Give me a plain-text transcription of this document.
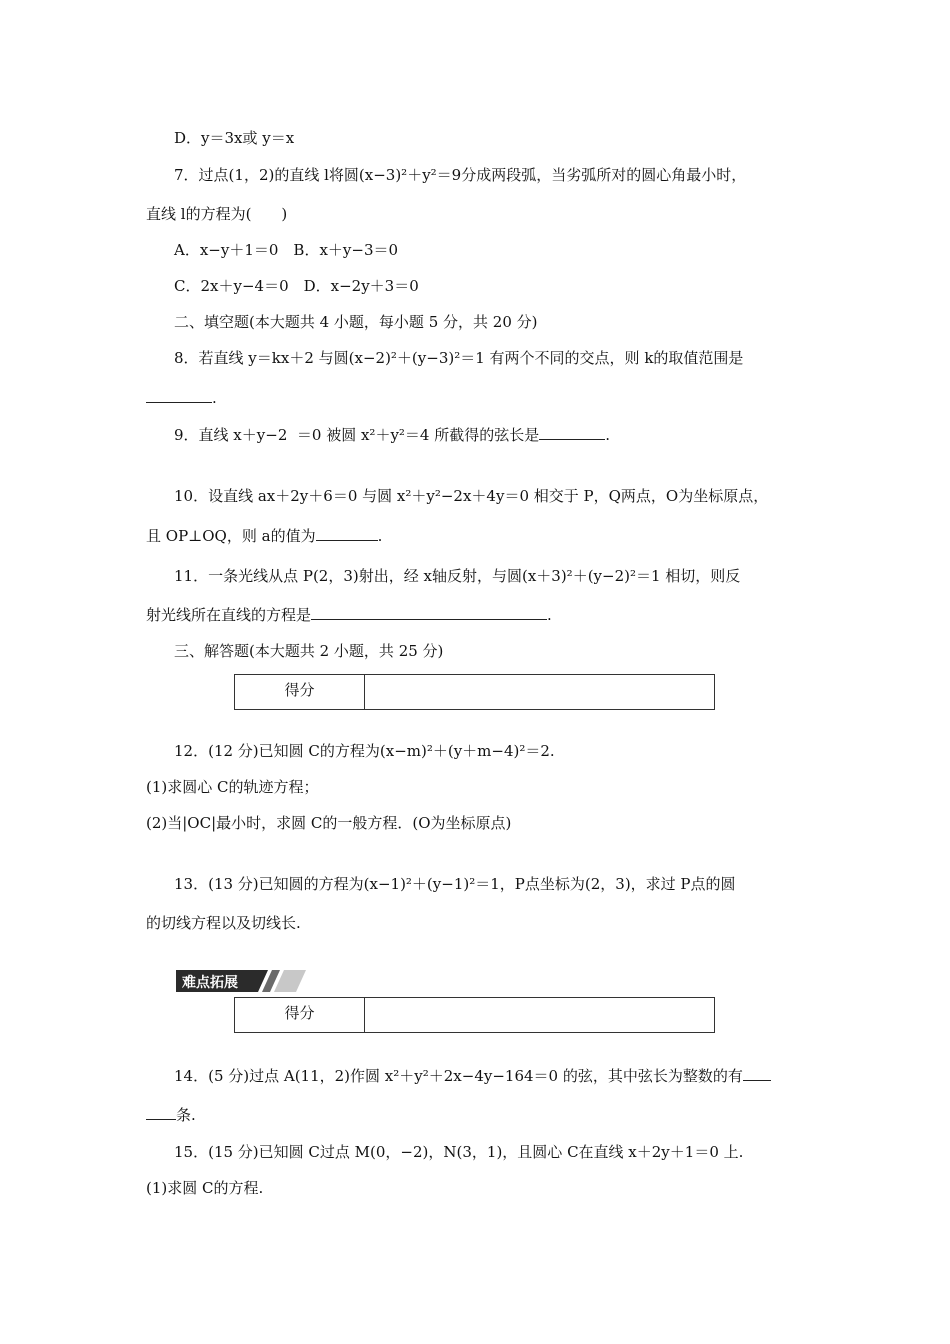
D．y＝3x或 y＝x
7．过点(1，2)的直线 l将圆(x−3)²＋y²＝9分成两段弧，当劣弧所对的圆心角最小时，
直线 l的方程为(　　)
A．x−y＋1＝0　B．x＋y−3＝0
C．2x＋y−4＝0　D．x−2y＋3＝0
二、填空题(本大题共 4 小题，每小题 5 分，共 20 分)
8．若直线 y＝kx＋2 与圆(x−2)²＋(y−3)²＝1 有两个不同的交点，则 k的取值范围是
.
9．直线 x＋y−2  ＝0 被圆 x²＋y²＝4 所截得的弦长是	.
10．设直线 ax＋2y＋6＝0 与圆 x²＋y²−2x＋4y＝0 相交于 P，Q两点，O为坐标原点，
且 OP⊥OQ，则 a的值为	.
11．一条光线从点 P(2，3)射出，经 x轴反射，与圆(x＋3)²＋(y−2)²＝1 相切，则反
射光线所在直线的方程是	.
三、解答题(本大题共 2 小题，共 25 分)
得分
12．(12 分)已知圆 C的方程为(x−m)²＋(y＋m−4)²＝2.
(1)求圆心 C的轨迹方程；
(2)当|OC|最小时，求圆 C的一般方程．(O为坐标原点)
13．(13 分)已知圆的方程为(x−1)²＋(y−1)²＝1，P点坐标为(2，3)，求过 P点的圆
的切线方程以及切线长.
难点拓展
得分
14．(5 分)过点 A(11，2)作圆 x²＋y²＋2x−4y−164＝0 的弦，其中弦长为整数的有
条.
15．(15 分)已知圆 C过点 M(0，−2)，N(3，1)，且圆心 C在直线 x＋2y＋1＝0 上.
(1)求圆 C的方程.
